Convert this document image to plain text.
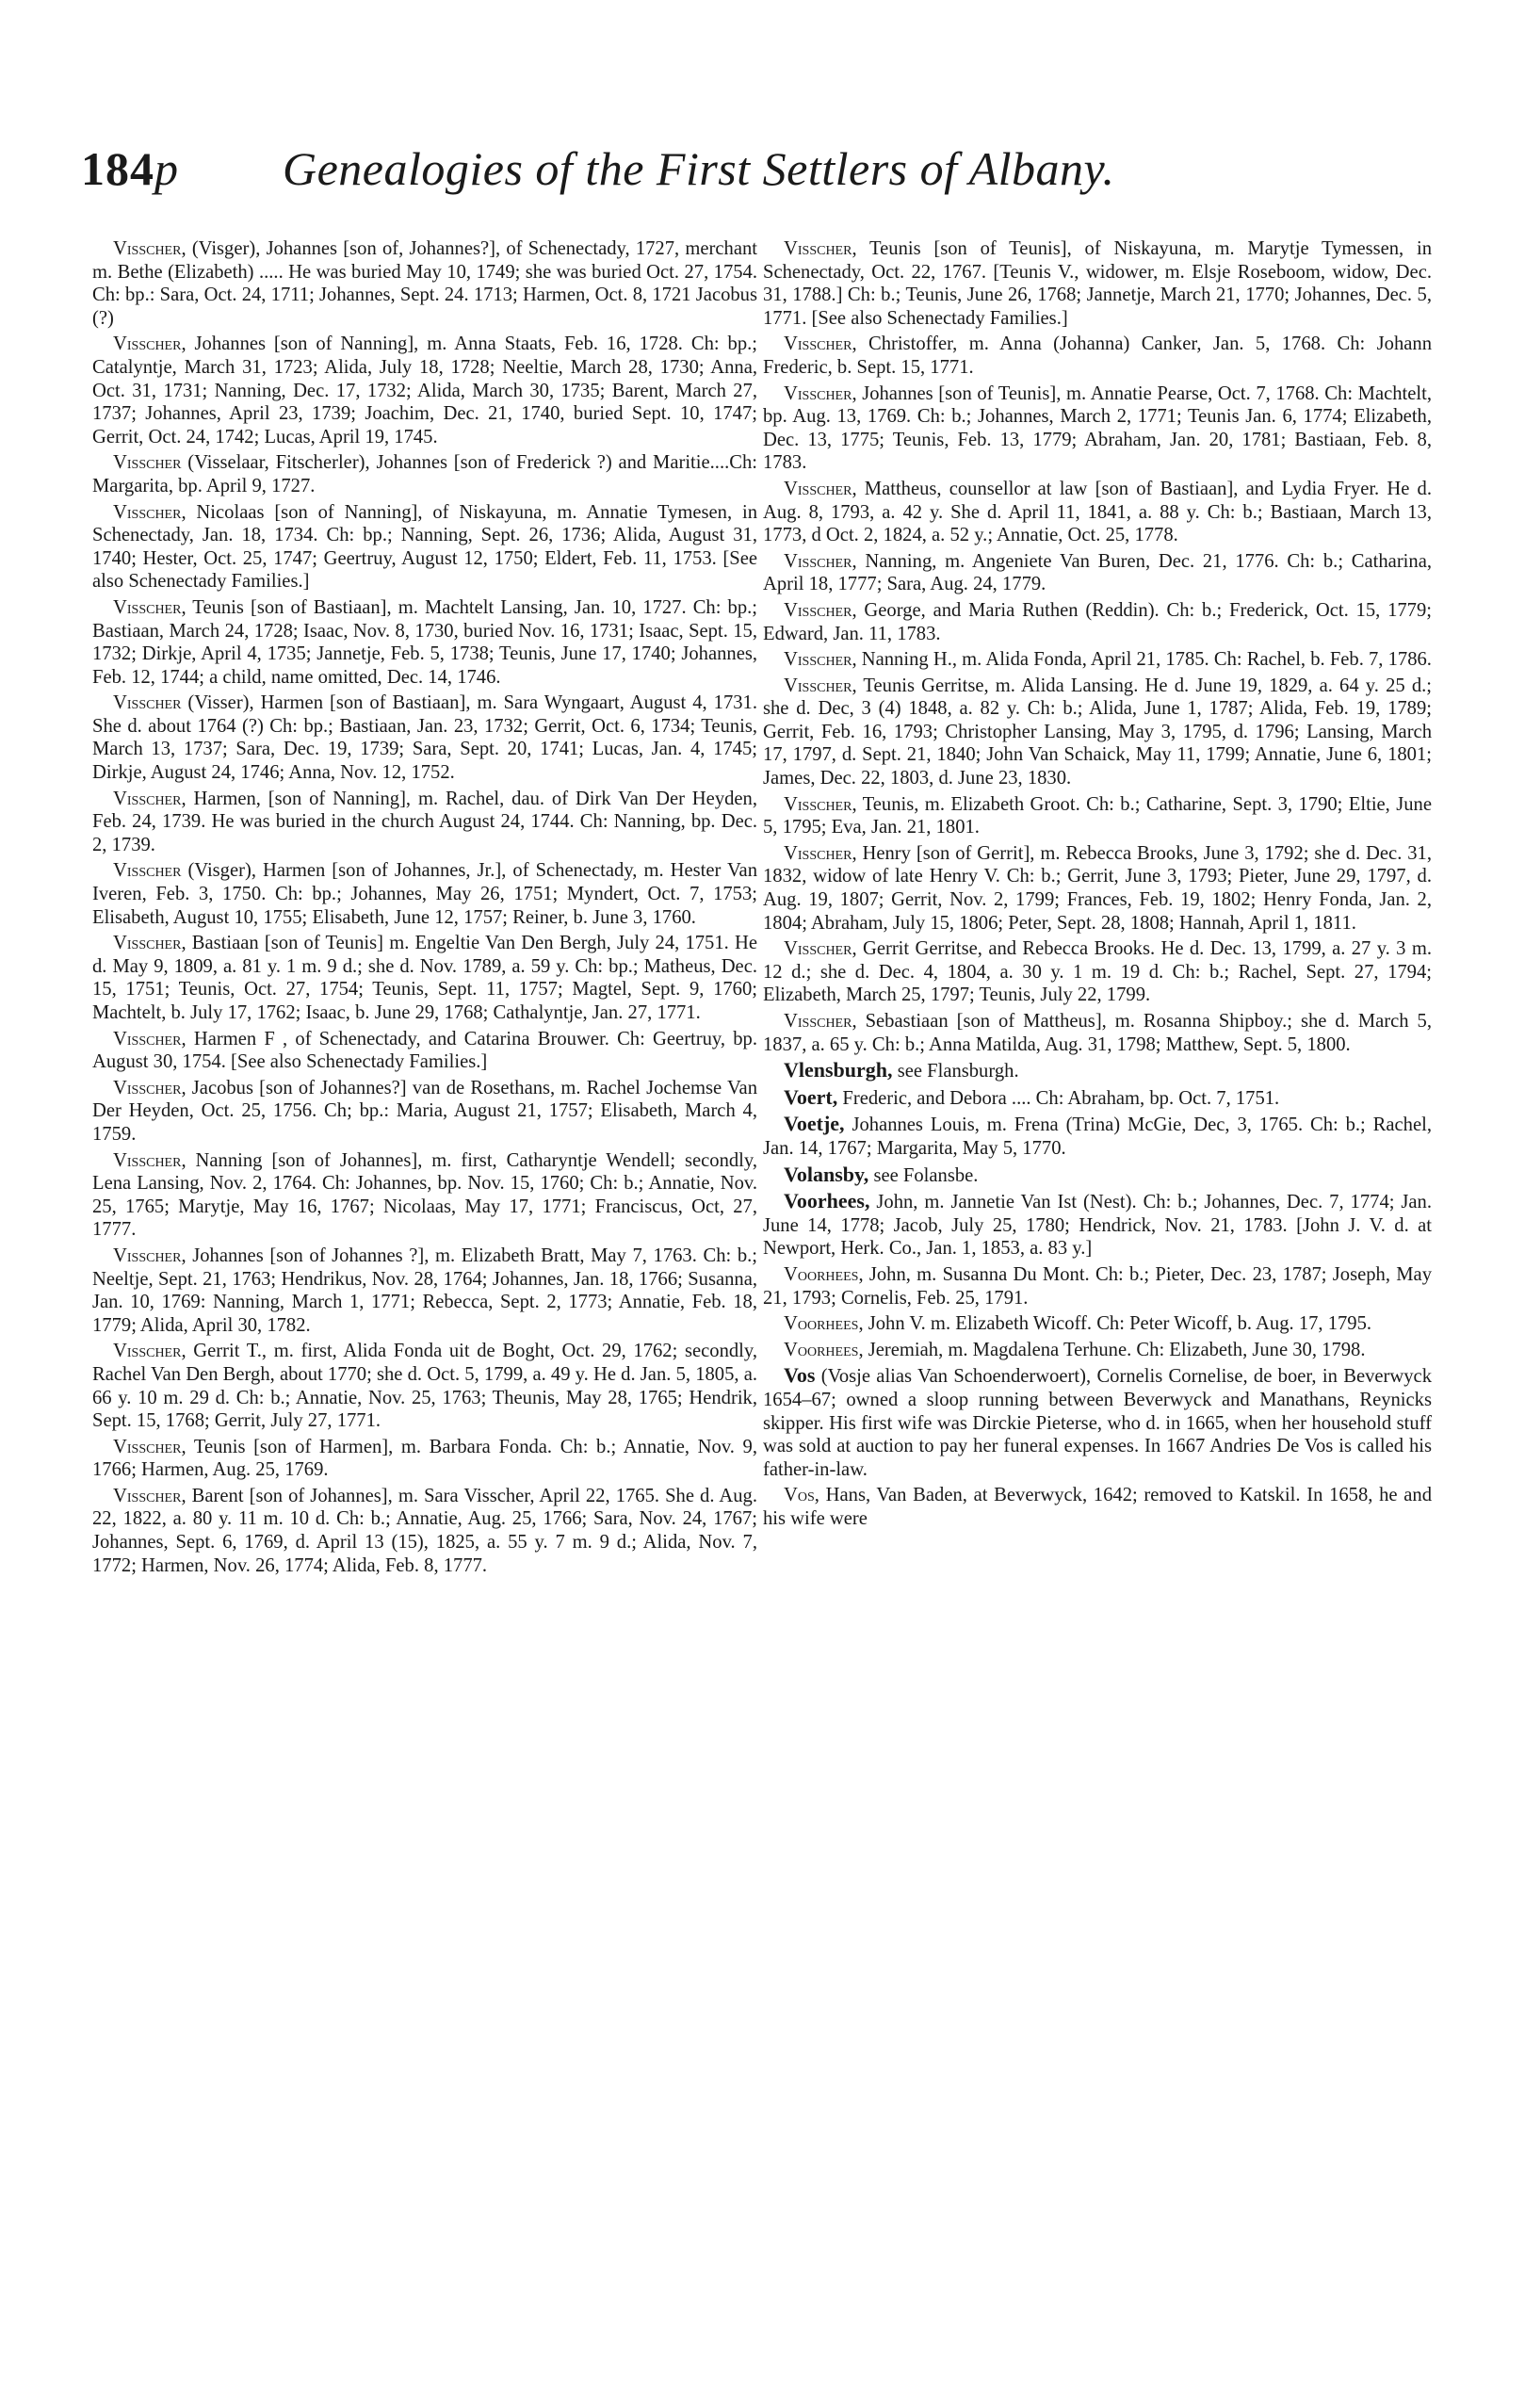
184p Genealogies of the First Settlers of Albany.

Visscher, (Visger), Johannes [son of, Johannes?], of Schenectady, 1727, merchant m. Bethe (Elizabeth) ..... He was buried May 10, 1749; she was buried Oct. 27, 1754. Ch: bp.: Sara, Oct. 24, 1711; Johannes, Sept. 24. 1713; Harmen, Oct. 8, 1721 Jacobus (?)

Visscher, Johannes [son of Nanning], m. Anna Staats, Feb. 16, 1728. Ch: bp.; Catalyntje, March 31, 1723; Alida, July 18, 1728; Neeltie, March 28, 1730; Anna, Oct. 31, 1731; Nanning, Dec. 17, 1732; Alida, March 30, 1735; Barent, March 27, 1737; Johannes, April 23, 1739; Joachim, Dec. 21, 1740, buried Sept. 10, 1747; Gerrit, Oct. 24, 1742; Lucas, April 19, 1745.

Visscher (Visselaar, Fitscherler), Johannes [son of Frederick ?) and Maritie....Ch: Margarita, bp. April 9, 1727.

Visscher, Nicolaas [son of Nanning], of Niskayuna, m. Annatie Tymesen, in Schenectady, Jan. 18, 1734. Ch: bp.; Nanning, Sept. 26, 1736; Alida, August 31, 1740; Hester, Oct. 25, 1747; Geertruy, August 12, 1750; Eldert, Feb. 11, 1753. [See also Schenectady Families.]

Visscher, Teunis [son of Bastiaan], m. Machtelt Lansing, Jan. 10, 1727. Ch: bp.; Bastiaan, March 24, 1728; Isaac, Nov. 8, 1730, buried Nov. 16, 1731; Isaac, Sept. 15, 1732; Dirkje, April 4, 1735; Jannetje, Feb. 5, 1738; Teunis, June 17, 1740; Johannes, Feb. 12, 1744; a child, name omitted, Dec. 14, 1746.

Visscher (Visser), Harmen [son of Bastiaan], m. Sara Wyngaart, August 4, 1731. She d. about 1764 (?) Ch: bp.; Bastiaan, Jan. 23, 1732; Gerrit, Oct. 6, 1734; Teunis, March 13, 1737; Sara, Dec. 19, 1739; Sara, Sept. 20, 1741; Lucas, Jan. 4, 1745; Dirkje, August 24, 1746; Anna, Nov. 12, 1752.

Visscher, Harmen, [son of Nanning], m. Rachel, dau. of Dirk Van Der Heyden, Feb. 24, 1739. He was buried in the church August 24, 1744. Ch: Nanning, bp. Dec. 2, 1739.

Visscher (Visger), Harmen [son of Johannes, Jr.], of Schenectady, m. Hester Van Iveren, Feb. 3, 1750. Ch: bp.; Johannes, May 26, 1751; Myndert, Oct. 7, 1753; Elisabeth, August 10, 1755; Elisabeth, June 12, 1757; Reiner, b. June 3, 1760.

Visscher, Bastiaan [son of Teunis] m. Engeltie Van Den Bergh, July 24, 1751. He d. May 9, 1809, a. 81 y. 1 m. 9 d.; she d. Nov. 1789, a. 59 y. Ch: bp.; Matheus, Dec. 15, 1751; Teunis, Oct. 27, 1754; Teunis, Sept. 11, 1757; Magtel, Sept. 9, 1760; Machtelt, b. July 17, 1762; Isaac, b. June 29, 1768; Cathalyntje, Jan. 27, 1771.

Visscher, Harmen F , of Schenectady, and Catarina Brouwer. Ch: Geertruy, bp. August 30, 1754. [See also Schenectady Families.]

Visscher, Jacobus [son of Johannes?] van de Rosethans, m. Rachel Jochemse Van Der Heyden, Oct. 25, 1756. Ch; bp.: Maria, August 21, 1757; Elisabeth, March 4, 1759.

Visscher, Nanning [son of Johannes], m. first, Catharyntje Wendell; secondly, Lena Lansing, Nov. 2, 1764. Ch: Johannes, bp. Nov. 15, 1760; Ch: b.; Annatie, Nov. 25, 1765; Marytje, May 16, 1767; Nicolaas, May 17, 1771; Franciscus, Oct, 27, 1777.

Visscher, Johannes [son of Johannes ?], m. Elizabeth Bratt, May 7, 1763. Ch: b.; Neeltje, Sept. 21, 1763; Hendrikus, Nov. 28, 1764; Johannes, Jan. 18, 1766; Susanna, Jan. 10, 1769: Nanning, March 1, 1771; Rebecca, Sept. 2, 1773; Annatie, Feb. 18, 1779; Alida, April 30, 1782.

Visscher, Gerrit T., m. first, Alida Fonda uit de Boght, Oct. 29, 1762; secondly, Rachel Van Den Bergh, about 1770; she d. Oct. 5, 1799, a. 49 y. He d. Jan. 5, 1805, a. 66 y. 10 m. 29 d. Ch: b.; Annatie, Nov. 25, 1763; Theunis, May 28, 1765; Hendrik, Sept. 15, 1768; Gerrit, July 27, 1771.

Visscher, Teunis [son of Harmen], m. Barbara Fonda. Ch: b.; Annatie, Nov. 9, 1766; Harmen, Aug. 25, 1769.

Visscher, Barent [son of Johannes], m. Sara Visscher, April 22, 1765. She d. Aug. 22, 1822, a. 80 y. 11 m. 10 d. Ch: b.; Annatie, Aug. 25, 1766; Sara, Nov. 24, 1767; Johannes, Sept. 6, 1769, d. April 13 (15), 1825, a. 55 y. 7 m. 9 d.; Alida, Nov. 7, 1772; Harmen, Nov. 26, 1774; Alida, Feb. 8, 1777.

Visscher, Teunis [son of Teunis], of Niskayuna, m. Marytje Tymessen, in Schenectady, Oct. 22, 1767. [Teunis V., widower, m. Elsje Roseboom, widow, Dec. 31, 1788.] Ch: b.; Teunis, June 26, 1768; Jannetje, March 21, 1770; Johannes, Dec. 5, 1771. [See also Schenectady Families.]

Visscher, Christoffer, m. Anna (Johanna) Canker, Jan. 5, 1768. Ch: Johann Frederic, b. Sept. 15, 1771.

Visscher, Johannes [son of Teunis], m. Annatie Pearse, Oct. 7, 1768. Ch: Machtelt, bp. Aug. 13, 1769. Ch: b.; Johannes, March 2, 1771; Teunis Jan. 6, 1774; Elizabeth, Dec. 13, 1775; Teunis, Feb. 13, 1779; Abraham, Jan. 20, 1781; Bastiaan, Feb. 8, 1783.

Visscher, Mattheus, counsellor at law [son of Bastiaan], and Lydia Fryer. He d. Aug. 8, 1793, a. 42 y. She d. April 11, 1841, a. 88 y. Ch: b.; Bastiaan, March 13, 1773, d Oct. 2, 1824, a. 52 y.; Annatie, Oct. 25, 1778.

Visscher, Nanning, m. Angeniete Van Buren, Dec. 21, 1776. Ch: b.; Catharina, April 18, 1777; Sara, Aug. 24, 1779.

Visscher, George, and Maria Ruthen (Reddin). Ch: b.; Frederick, Oct. 15, 1779; Edward, Jan. 11, 1783.

Visscher, Nanning H., m. Alida Fonda, April 21, 1785. Ch: Rachel, b. Feb. 7, 1786.

Visscher, Teunis Gerritse, m. Alida Lansing. He d. June 19, 1829, a. 64 y. 25 d.; she d. Dec, 3 (4) 1848, a. 82 y. Ch: b.; Alida, June 1, 1787; Alida, Feb. 19, 1789; Gerrit, Feb. 16, 1793; Christopher Lansing, May 3, 1795, d. 1796; Lansing, March 17, 1797, d. Sept. 21, 1840; John Van Schaick, May 11, 1799; Annatie, June 6, 1801; James, Dec. 22, 1803, d. June 23, 1830.

Visscher, Teunis, m. Elizabeth Groot. Ch: b.; Catharine, Sept. 3, 1790; Eltie, June 5, 1795; Eva, Jan. 21, 1801.

Visscher, Henry [son of Gerrit], m. Rebecca Brooks, June 3, 1792; she d. Dec. 31, 1832, widow of late Henry V. Ch: b.; Gerrit, June 3, 1793; Pieter, June 29, 1797, d. Aug. 19, 1807; Gerrit, Nov. 2, 1799; Frances, Feb. 19, 1802; Henry Fonda, Jan. 2, 1804; Abraham, July 15, 1806; Peter, Sept. 28, 1808; Hannah, April 1, 1811.

Visscher, Gerrit Gerritse, and Rebecca Brooks. He d. Dec. 13, 1799, a. 27 y. 3 m. 12 d.; she d. Dec. 4, 1804, a. 30 y. 1 m. 19 d. Ch: b.; Rachel, Sept. 27, 1794; Elizabeth, March 25, 1797; Teunis, July 22, 1799.

Visscher, Sebastiaan [son of Mattheus], m. Rosanna Shipboy.; she d. March 5, 1837, a. 65 y. Ch: b.; Anna Matilda, Aug. 31, 1798; Matthew, Sept. 5, 1800.

Vlensburgh, see Flansburgh.

Voert, Frederic, and Debora .... Ch: Abraham, bp. Oct. 7, 1751.

Voetje, Johannes Louis, m. Frena (Trina) McGie, Dec, 3, 1765. Ch: b.; Rachel, Jan. 14, 1767; Margarita, May 5, 1770.

Volansby, see Folansbe.

Voorhees, John, m. Jannetie Van Ist (Nest). Ch: b.; Johannes, Dec. 7, 1774; Jan. June 14, 1778; Jacob, July 25, 1780; Hendrick, Nov. 21, 1783. [John J. V. d. at Newport, Herk. Co., Jan. 1, 1853, a. 83 y.]

Voorhees, John, m. Susanna Du Mont. Ch: b.; Pieter, Dec. 23, 1787; Joseph, May 21, 1793; Cornelis, Feb. 25, 1791.

Voorhees, John V. m. Elizabeth Wicoff. Ch: Peter Wicoff, b. Aug. 17, 1795.

Voorhees, Jeremiah, m. Magdalena Terhune. Ch: Elizabeth, June 30, 1798.

Vos (Vosje alias Van Schoenderwoert), Cornelis Cornelise, de boer, in Beverwyck 1654–67; owned a sloop running between Beverwyck and Manathans, Reynicks skipper. His first wife was Dirckie Pieterse, who d. in 1665, when her household stuff was sold at auction to pay her funeral expenses. In 1667 Andries De Vos is called his father-in-law.

Vos, Hans, Van Baden, at Beverwyck, 1642; removed to Katskil. In 1658, he and his wife were
